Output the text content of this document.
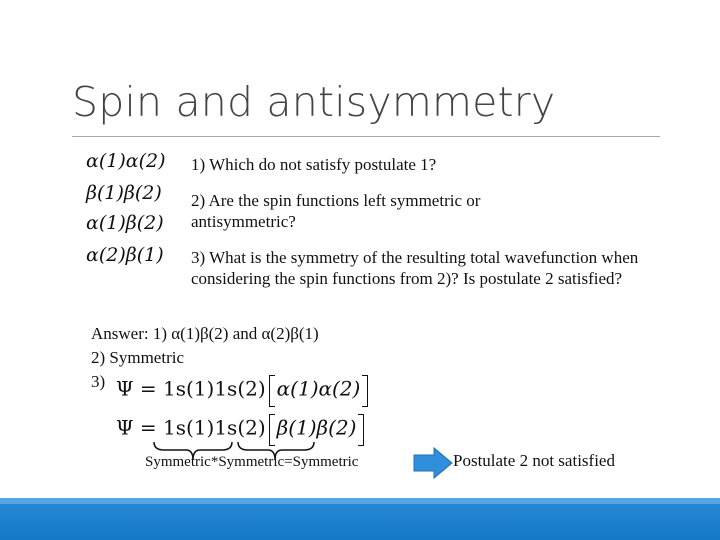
Spin and antisymmetry
α(1)α(2)
β(1)β(2)
α(1)β(2)
α(2)β(1)
1) Which do not satisfy postulate 1?
2) Are the spin functions left symmetric or antisymmetric?
3) What is the symmetry of the resulting total wavefunction when considering the spin functions from 2)? Is postulate 2 satisfied?
Answer: 1) α(1)β(2) and α(2)β(1)
2) Symmetric
3) Ψ = 1s(1)1s(2) α(1)α(2)
Ψ = 1s(1)1s(2) β(1)β(2)
Symmetric*Symmetric=Symmetric	Postulate 2 not satisfied
